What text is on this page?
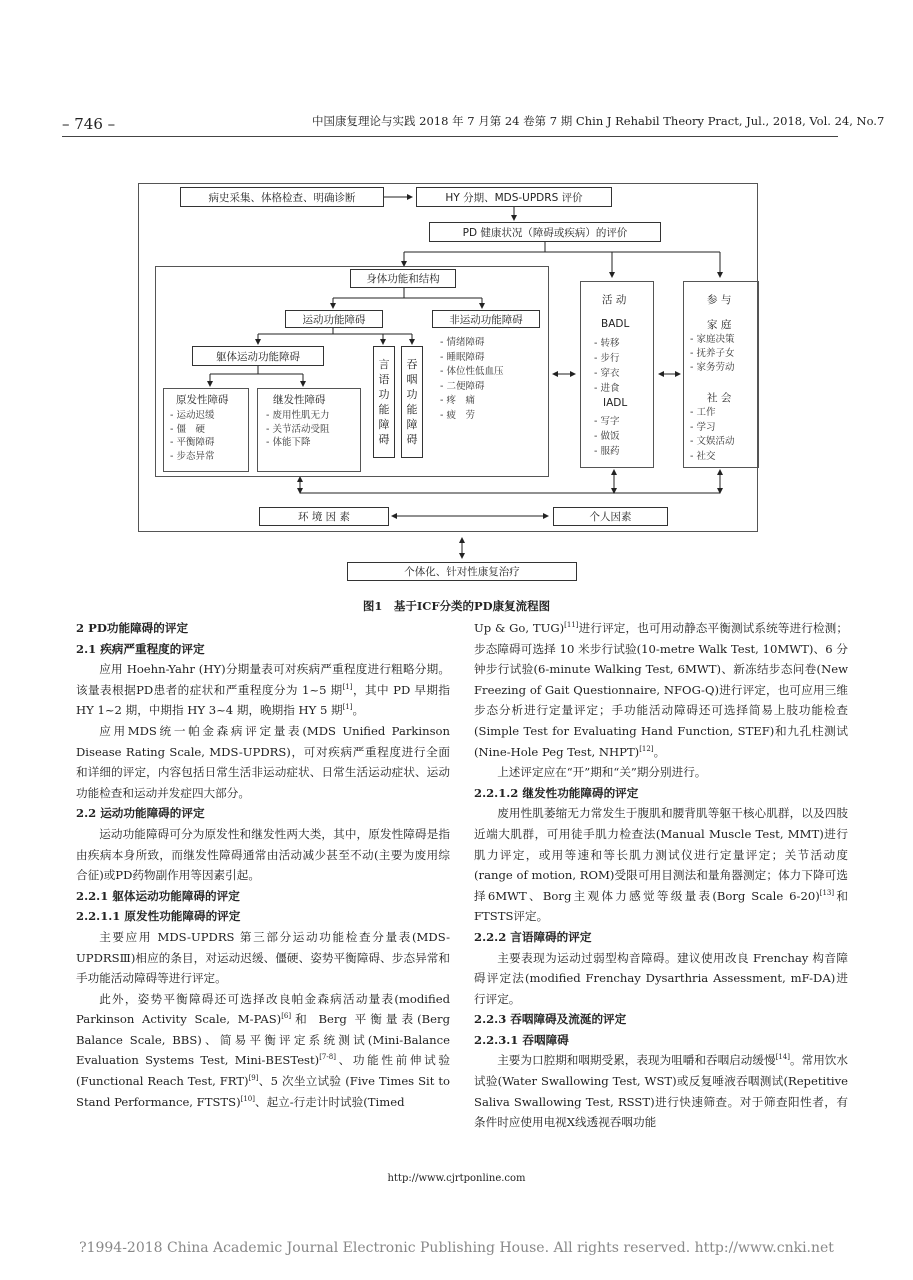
– 746 –	中国康复理论与实践 2018 年 7 月第 24 卷第 7 期 Chin J Rehabil Theory Pract, Jul., 2018, Vol. 24, No.7
病史采集、体格检查、明确诊断	HY 分期、MDS-UPDRS 评价
PD 健康状况（障碍或疾病）的评价
身体功能和结构
运动功能障碍	非运动功能障碍
躯体运动功能障碍
言
语
功
能
障
碍
吞
咽
功
能
障
碍
原发性障碍
- 运动迟缓
- 僵　硬
- 平衡障碍
- 步态异常
继发性障碍
- 废用性肌无力
- 关节活动受阻
- 体能下降
- 情绪障碍
- 睡眠障碍
- 体位性低血压
- 二便障碍
- 疼　痛
- 疲　劳
活 动
BADL
- 转移
- 步行
- 穿衣
- 进食
IADL
- 写字
- 做饭
- 服药
参 与
家 庭
- 家庭决策
- 抚养子女
- 家务劳动
社 会
- 工作
- 学习
- 文娱活动
- 社交
环 境 因 素	个人因素
个体化、针对性康复治疗
图1　基于ICF分类的PD康复流程图

2 PD功能障碍的评定

2.1 疾病严重程度的评定

应用 Hoehn-Yahr (HY)分期量表可对疾病严重程度进行粗略分期。该量表根据PD患者的症状和严重程度分为 1~5 期[1]，其中 PD 早期指 HY 1~2 期，中期指 HY 3~4 期，晚期指 HY 5 期[1]。

应用MDS统一帕金森病评定量表(MDS Unified Parkinson Disease Rating Scale, MDS-UPDRS)，可对疾病严重程度进行全面和详细的评定，内容包括日常生活非运动症状、日常生活运动症状、运动功能检查和运动并发症四大部分。

2.2 运动功能障碍的评定

运动功能障碍可分为原发性和继发性两大类，其中，原发性障碍是指由疾病本身所致，而继发性障碍通常由活动减少甚至不动(主要为废用综合征)或PD药物副作用等因素引起。

2.2.1 躯体运动功能障碍的评定

2.2.1.1 原发性功能障碍的评定

主要应用 MDS-UPDRS 第三部分运动功能检查分量表(MDS-UPDRSⅢ)相应的条目，对运动迟缓、僵硬、姿势平衡障碍、步态异常和手功能活动障碍等进行评定。

此外，姿势平衡障碍还可选择改良帕金森病活动量表(modified Parkinson Activity Scale, M-PAS)[6]和 Berg 平衡量表(Berg Balance Scale, BBS)、简易平衡评定系统测试(Mini-Balance Evaluation Systems Test, Mini-BESTest)[7-8]、功能性前伸试验(Functional Reach Test, FRT)[9]、5 次坐立试验 (Five Times Sit to Stand Performance, FTSTS)[10]、起立-行走计时试验(Timed

Up & Go, TUG)[11]进行评定，也可用动静态平衡测试系统等进行检测；步态障碍可选择 10 米步行试验(10-metre Walk Test, 10MWT)、6 分钟步行试验(6-minute Walking Test, 6MWT)、新冻结步态问卷(New Freezing of Gait Questionnaire, NFOG-Q)进行评定，也可应用三维步态分析进行定量评定；手功能活动障碍还可选择简易上肢功能检查(Simple Test for Evaluating Hand Function, STEF)和九孔柱测试(Nine-Hole Peg Test, NHPT)[12]。

上述评定应在“开”期和“关”期分别进行。

2.2.1.2 继发性功能障碍的评定

废用性肌萎缩无力常发生于腹肌和腰背肌等躯干核心肌群，以及四肢近端大肌群，可用徒手肌力检查法(Manual Muscle Test, MMT)进行肌力评定，或用等速和等长肌力测试仪进行定量评定；关节活动度(range of motion, ROM)受限可用目测法和量角器测定；体力下降可选择6MWT、Borg主观体力感觉等级量表(Borg Scale 6-20)[13]和FTSTS评定。

2.2.2 言语障碍的评定

主要表现为运动过弱型构音障碍。建议使用改良 Frenchay 构音障碍评定法(modified Frenchay Dysarthria Assessment, mF-DA)进行评定。

2.2.3 吞咽障碍及流涎的评定

2.2.3.1 吞咽障碍

主要为口腔期和咽期受累，表现为咀嚼和吞咽启动缓慢[14]。常用饮水试验(Water Swallowing Test, WST)或反复唾液吞咽测试(Repetitive Saliva Swallowing Test, RSST)进行快速筛查。对于筛查阳性者，有条件时应使用电视X线透视吞咽功能

http://www.cjrtponline.com
?1994-2018 China Academic Journal Electronic Publishing House. All rights reserved. http://www.cnki.net
